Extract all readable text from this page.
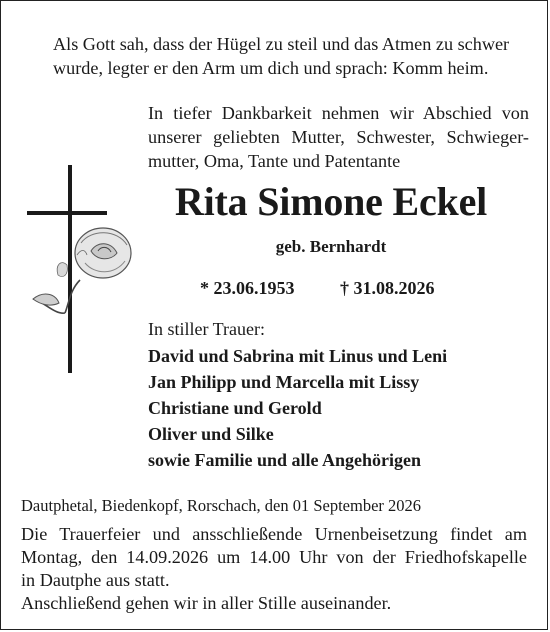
Als Gott sah, dass der Hügel zu steil und das Atmen zu schwer
wurde, legter er den Arm um dich und sprach: Komm heim.

In tiefer Dankbarkeit nehmen wir Abschied von unserer geliebten Mutter, Schwester, Schwieger-mutter, Oma, Tante und Patentante

Rita Simone Eckel

geb. Bernhardt

* 23.06.1953	† 31.08.2026

In stiller Trauer:

David und Sabrina mit Linus und Leni
Jan Philipp und Marcella mit Lissy
Christiane und Gerold
Oliver und Silke
sowie Familie und alle Angehörigen

Dautphetal, Biedenkopf, Rorschach, den 01 September 2026

Die Trauerfeier und ansschließende Urnenbeisetzung findet am
Montag, den 14.09.2026 um 14.00 Uhr von der Friedhofskapelle
in Dautphe aus statt.
Anschließend gehen wir in aller Stille auseinander.
